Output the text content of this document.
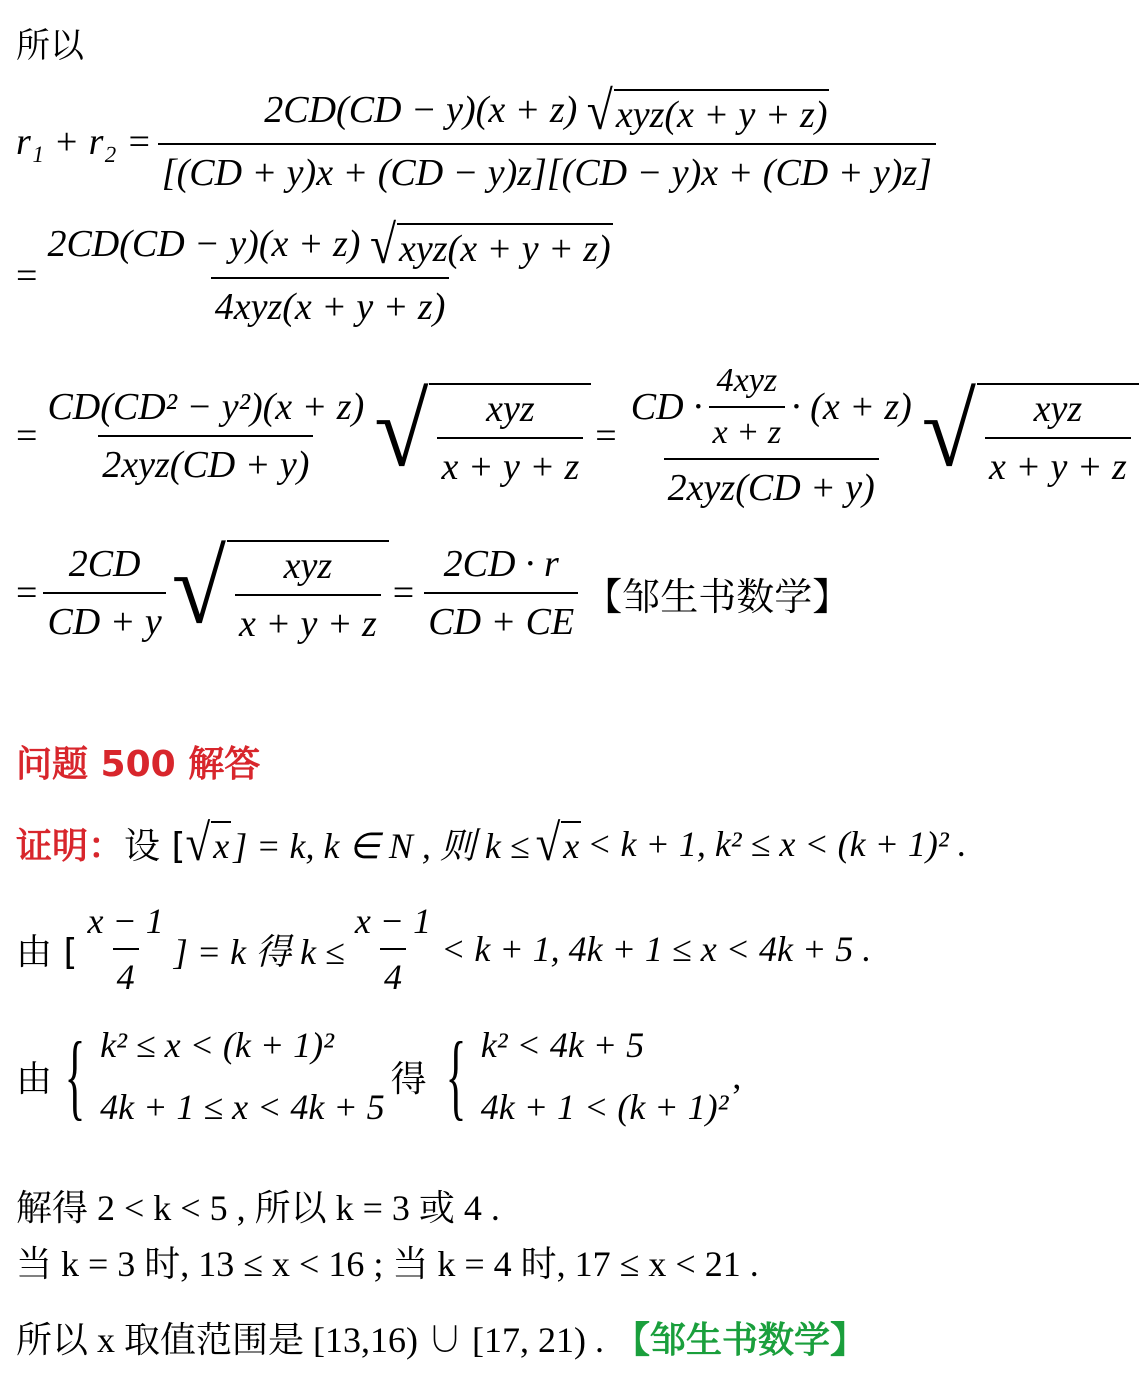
所以
$r_1 + r_2 = \frac{\text{2CD(CD − y)(x + z) √ xyz(x + y + z)}}{[(CD + y)x + (CD - y)z][(CD - y)x + (CD + y)z]}$
= $\frac{\text{2CD(CD − y)(x + z) √ xyz(x + y + z)}}{\text{4xyz(x + y + z)}}$
= $\frac{\text{CD(CD² − y²)(x + z)}}{\text{2xyz(CD + y)}}$ √ $\frac{\text{xyz}}{x + y + z} = \frac{CD \cdot \frac{\text{4xyz}}{x + z} \cdot (x + z)}{\text{2xyz(CD + y)}}$ √ $\frac{\text{xyz}}{x + y + z}$
= $\frac{2CD}{CD + y}$ √ $\frac{\text{xyz}}{x + y + z} = \frac{2CD \cdot r}{CD + CE}$ 【邹生书数学】
问题 500 解答
证明： 设 [ √ x ] = k, k ∈ N , 则 k ≤ √ x < k + 1, k² ≤ x < (k + 1)² .
由 [ $\frac{x - 1}{4}$ ] = k 得 $k \le \frac{x - 1}{4} < k + 1$, 4k + 1 ≤ x < 4k + 5 .
由 { k² ≤ x < (k + 1)²
4k + 1 ≤ x < 4k + 5
得 { k² < 4k + 5
4k + 1 < (k + 1)²
,
解得 2 < k < 5 , 所以 k = 3 或 4 .
当 k = 3 时, 13 ≤ x < 16 ; 当 k = 4 时, 17 ≤ x < 21 .
所以 x 取值范围是 [13,16) ∪ [17, 21) . 【邹生书数学】
